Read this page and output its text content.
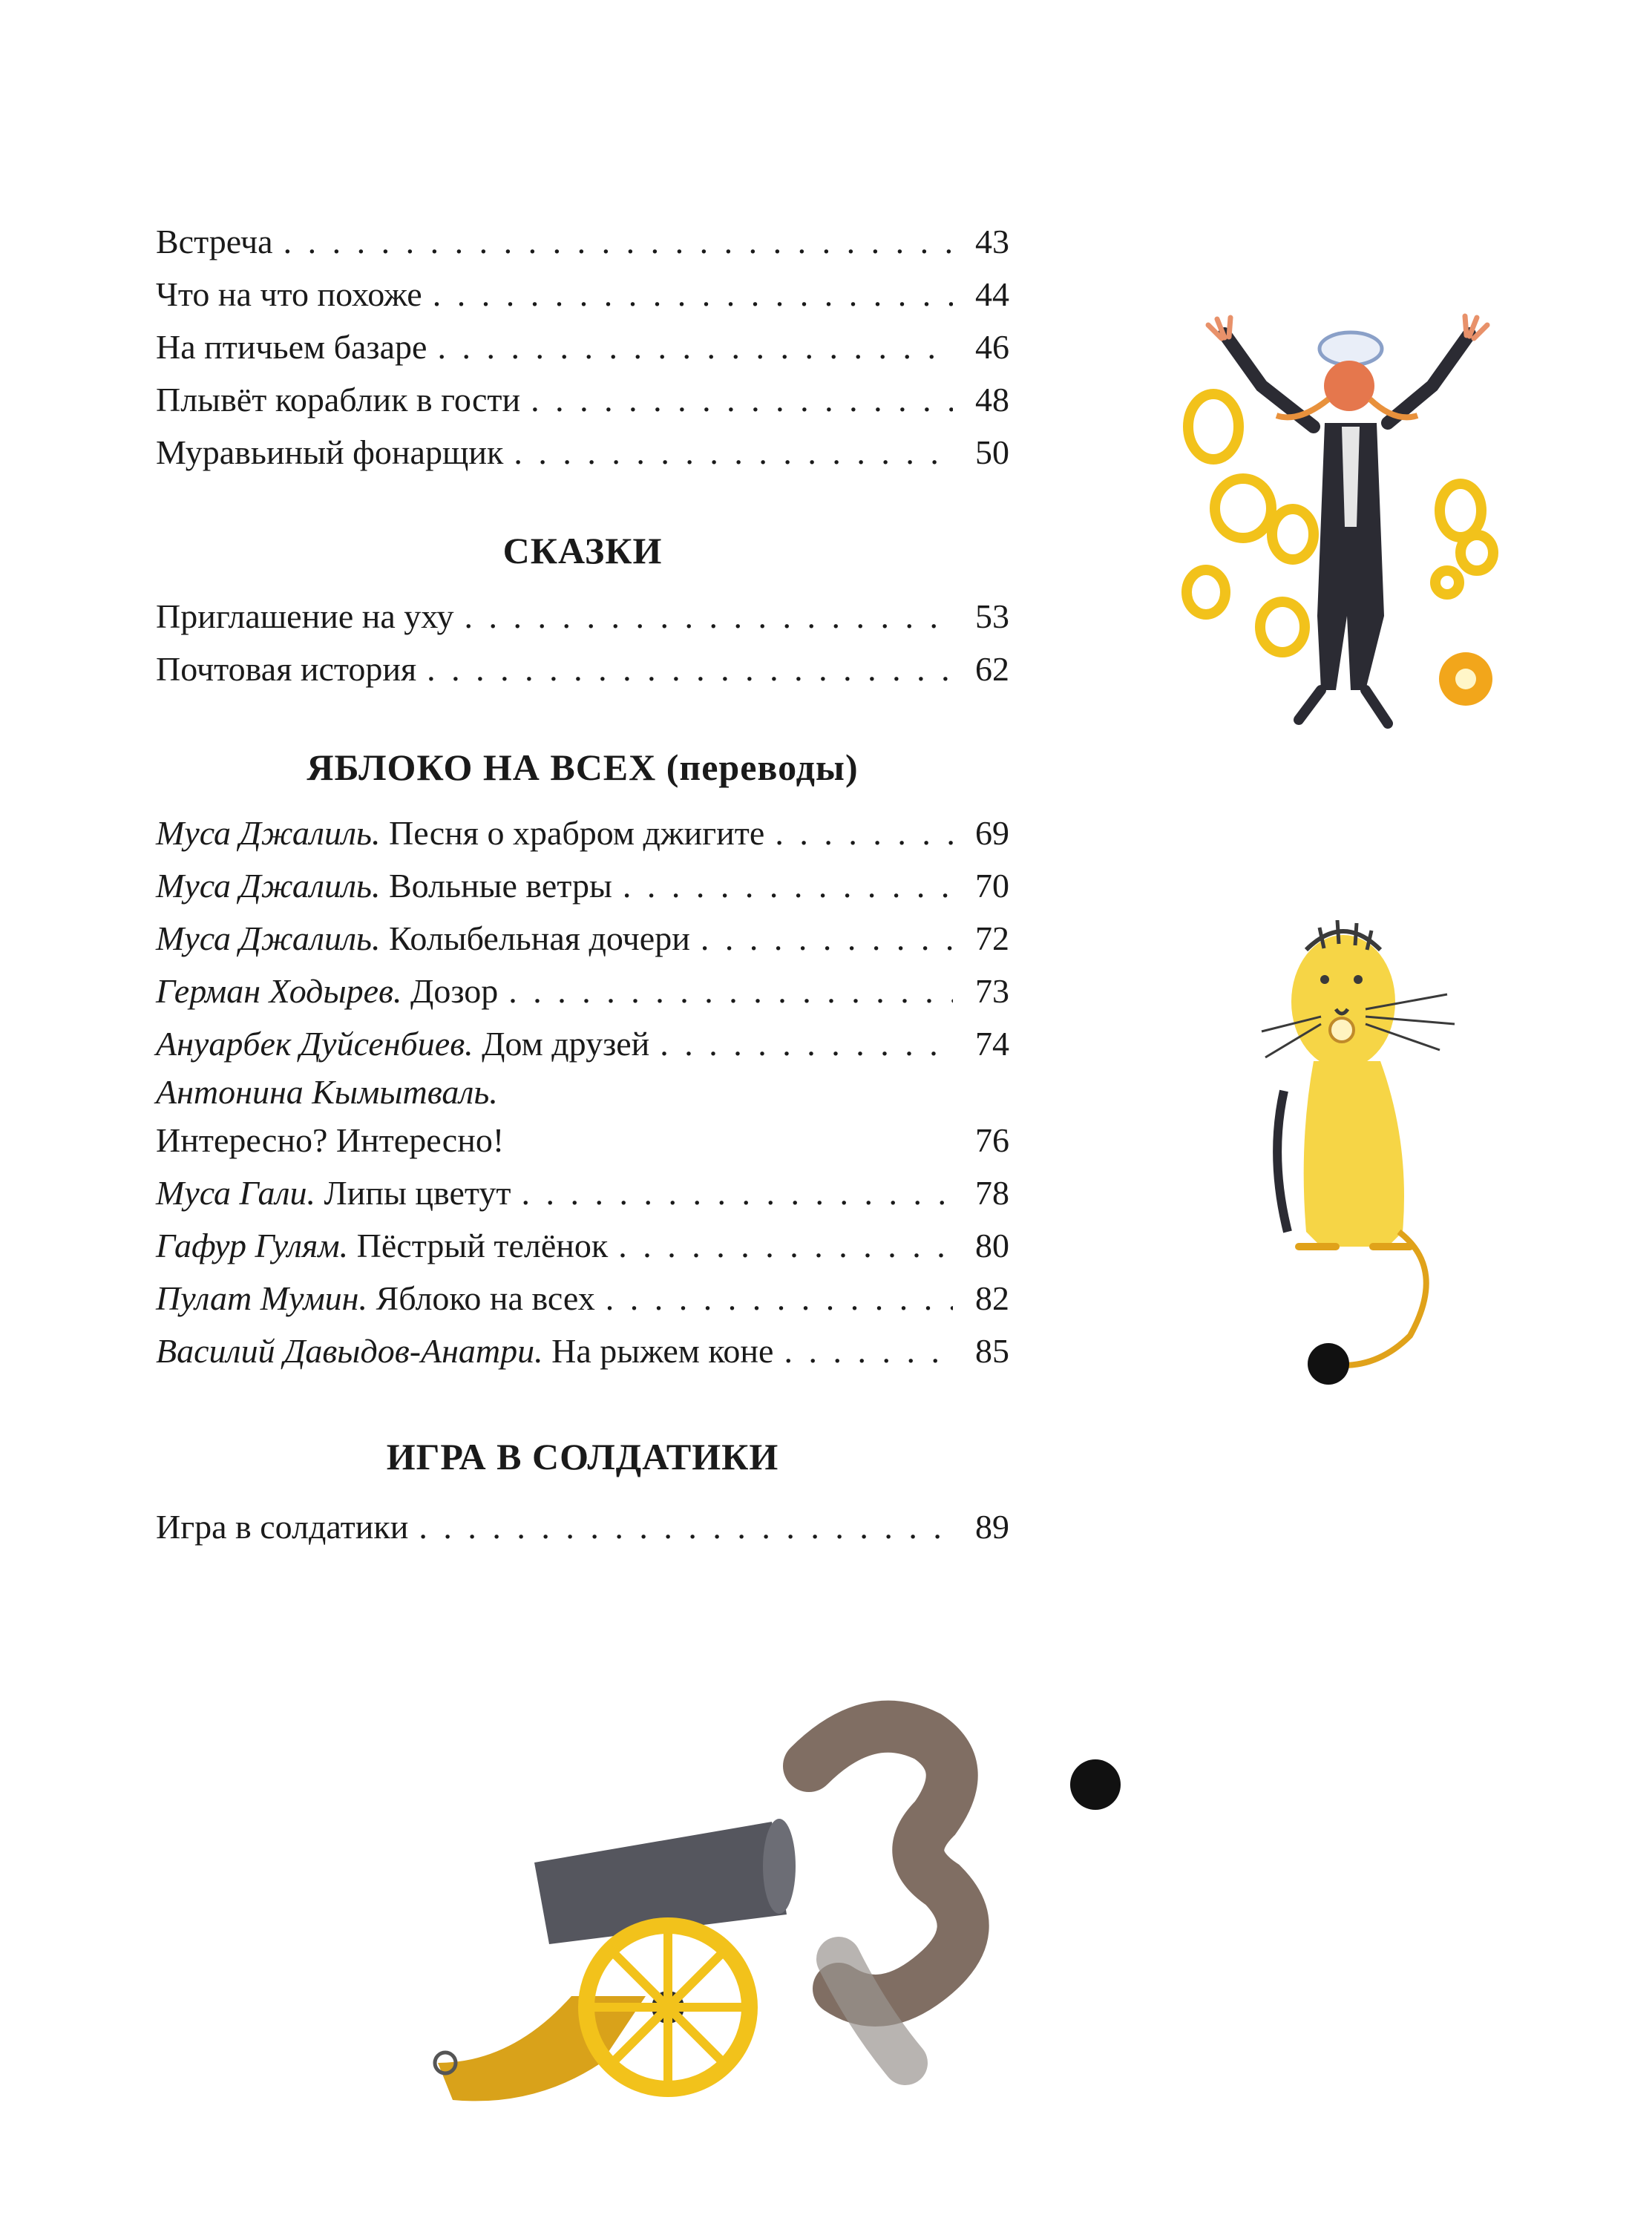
Встреча . . .	43
Что на что похоже . . .	44
На птичьем базаре . . .	46
Плывёт кораблик в гости . . .	48
Муравьиный фонарщик . . .	50
СКАЗКИ
Приглашение на уху . . .	53
Почтовая история . . .	62
ЯБЛОКО НА ВСЕХ (переводы)
Муса Джалиль. Песня о храбром джигите . . .	69
Муса Джалиль. Вольные ветры . . .	70
Муса Джалиль. Колыбельная дочери . . .	72
Герман Ходырев. Дозор . . .	73
Ануарбек Дуйсенбиев. Дом друзей . . .	74
Антонина Кымытваль.
Интересно? Интересно!	76
Муса Гали. Липы цветут . . .	78
Гафур Гулям. Пёстрый телёнок . . .	80
Пулат Мумин. Яблоко на всех . . .	82
Василий Давыдов-Анатри. На рыжем коне . . .	85
ИГРА В СОЛДАТИКИ
Игра в солдатики . . .	89
